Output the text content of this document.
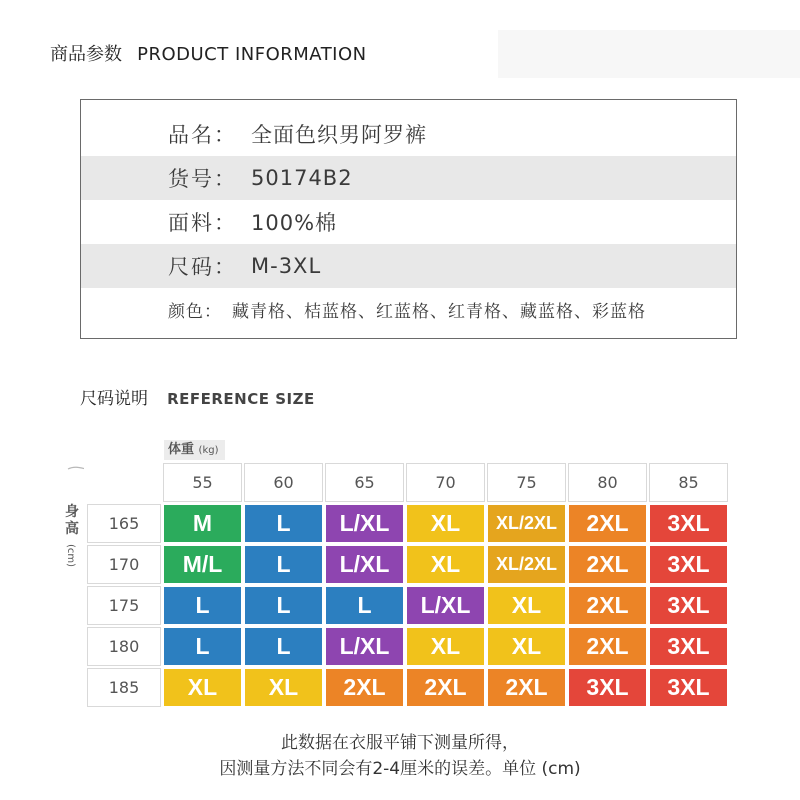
商品参数 PRODUCT INFORMATION
品名： 全面色织男阿罗裤
货号： 50174B2
面料： 100%棉
尺码： M-3XL
颜色： 藏青格、桔蓝格、红蓝格、红青格、藏蓝格、彩蓝格
尺码说明 REFERENCE SIZE
体重 (kg)
身
高
(cm)
	55	60	65	70	75	80	85
165	M	L	L/XL	XL	XL/2XL	2XL	3XL
170	M/L	L	L/XL	XL	XL/2XL	2XL	3XL
175	L	L	L	L/XL	XL	2XL	3XL
180	L	L	L/XL	XL	XL	2XL	3XL
185	XL	XL	2XL	2XL	2XL	3XL	3XL
此数据在衣服平铺下测量所得，
因测量方法不同会有2-4厘米的误差。单位 (cm)
